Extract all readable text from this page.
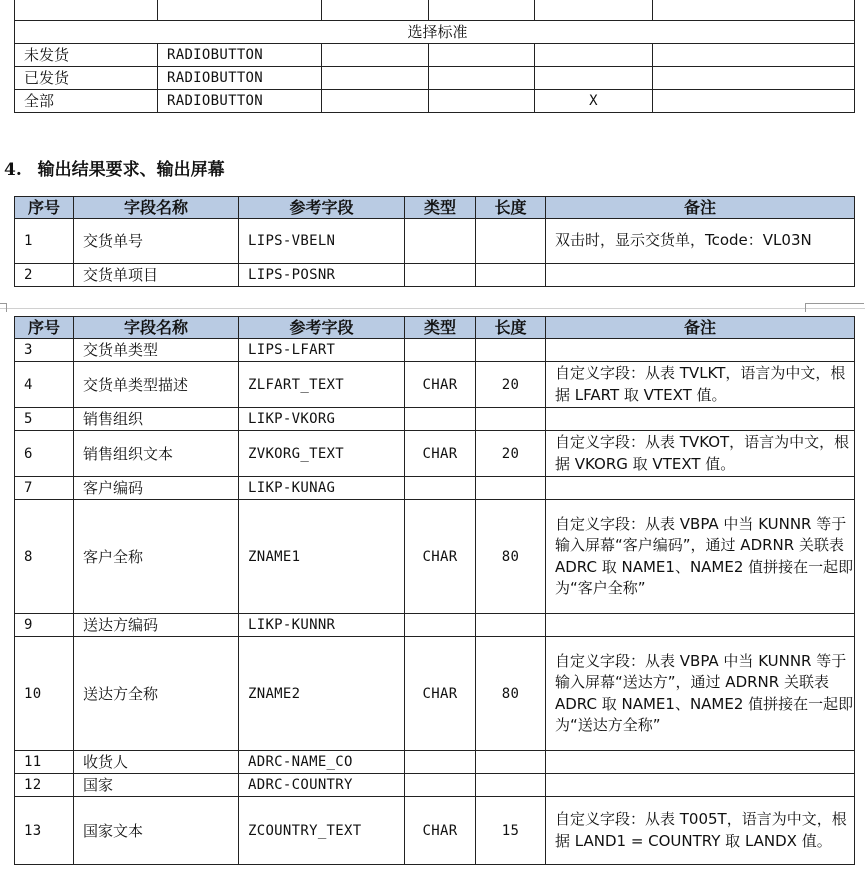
选择标准					
未发货	RADIOBUTTON				
已发货	RADIOBUTTON				
全部	RADIOBUTTON			X	
4. 输出结果要求、输出屏幕
序号	字段名称	参考字段	类型	长度	备注
1	交货单号	LIPS-VBELN			双击时，显示交货单，Tcode：VL03N
2	交货单项目	LIPS-POSNR			
序号	字段名称	参考字段	类型	长度	备注
3	交货单类型	LIPS-LFART			
4	交货单类型描述	ZLFART_TEXT	CHAR	20	自定义字段：从表 TVLKT，语言为中文，根据 LFART 取 VTEXT 值。
5	销售组织	LIKP-VKORG			
6	销售组织文本	ZVKORG_TEXT	CHAR	20	自定义字段：从表 TVKOT，语言为中文，根据 VKORG 取 VTEXT 值。
7	客户编码	LIKP-KUNAG			
8	客户全称	ZNAME1	CHAR	80	自定义字段：从表 VBPA 中当 KUNNR 等于输入屏幕“客户编码”，通过 ADRNR 关联表 ADRC 取 NAME1、NAME2 值拼接在一起即为“客户全称”
9	送达方编码	LIKP-KUNNR			
10	送达方全称	ZNAME2	CHAR	80	自定义字段：从表 VBPA 中当 KUNNR 等于输入屏幕“送达方”，通过 ADRNR 关联表 ADRC 取 NAME1、NAME2 值拼接在一起即为“送达方全称”
11	收货人	ADRC-NAME_CO			
12	国家	ADRC-COUNTRY			
13	国家文本	ZCOUNTRY_TEXT	CHAR	15	自定义字段：从表 T005T，语言为中文，根据 LAND1 = COUNTRY 取 LANDX 值。
